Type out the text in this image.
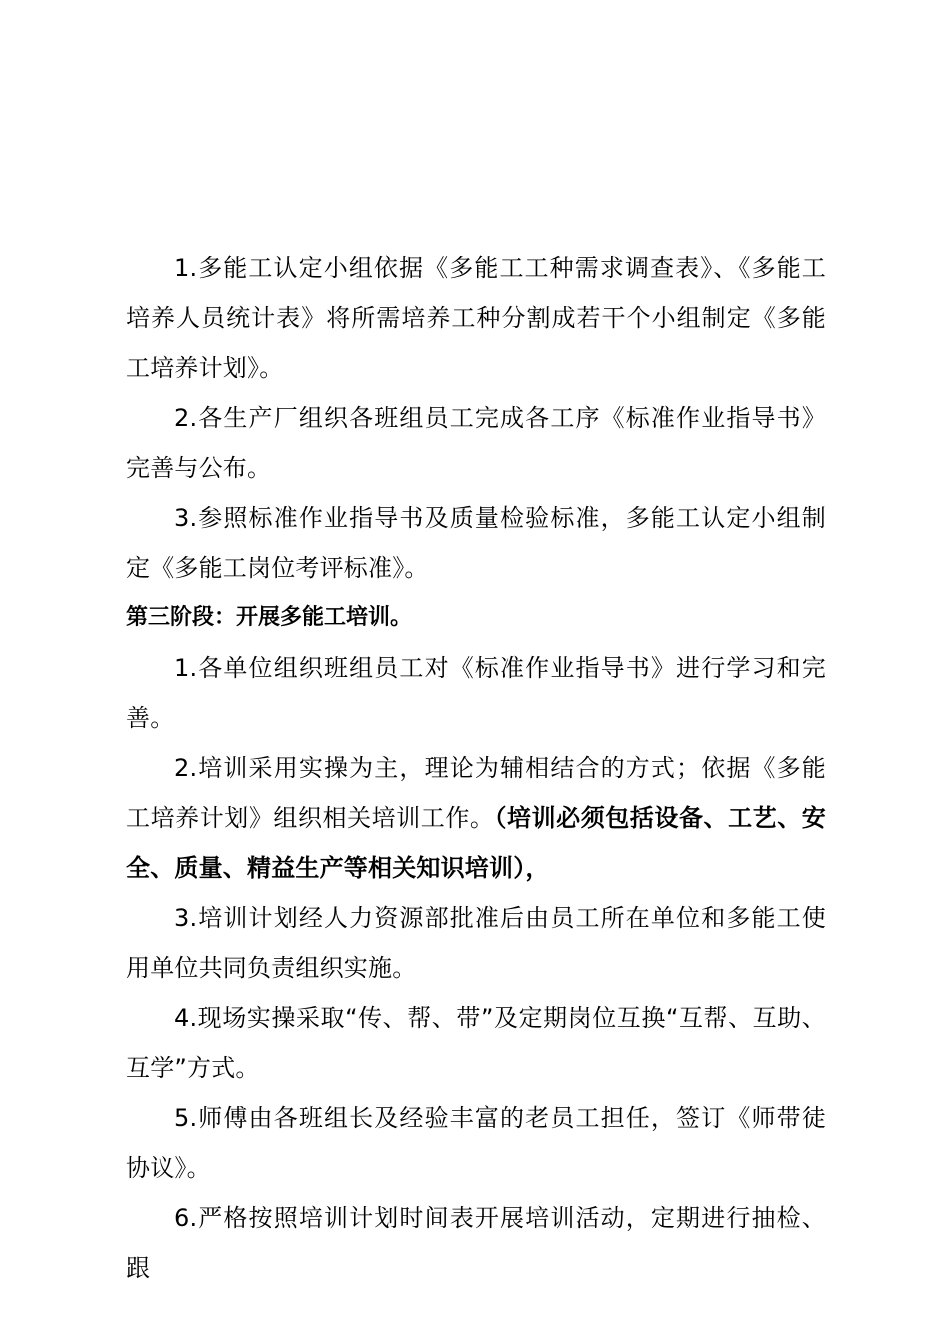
1.多能工认定小组依据《多能工工种需求调查表》、《多能工培养人员统计表》将所需培养工种分割成若干个小组制定《多能工培养计划》。

2.各生产厂组织各班组员工完成各工序《标准作业指导书》完善与公布。

3.参照标准作业指导书及质量检验标准，多能工认定小组制定《多能工岗位考评标准》。

第三阶段：开展多能工培训。

1.各单位组织班组员工对《标准作业指导书》进行学习和完善。

2.培训采用实操为主，理论为辅相结合的方式；依据《多能工培养计划》组织相关培训工作。（培训必须包括设备、工艺、安全、质量、精益生产等相关知识培训），

3.培训计划经人力资源部批准后由员工所在单位和多能工使用单位共同负责组织实施。

4.现场实操采取“传、帮、带”及定期岗位互换“互帮、互助、互学”方式。

5.师傅由各班组长及经验丰富的老员工担任，签订《师带徒协议》。

6.严格按照培训计划时间表开展培训活动，定期进行抽检、跟
